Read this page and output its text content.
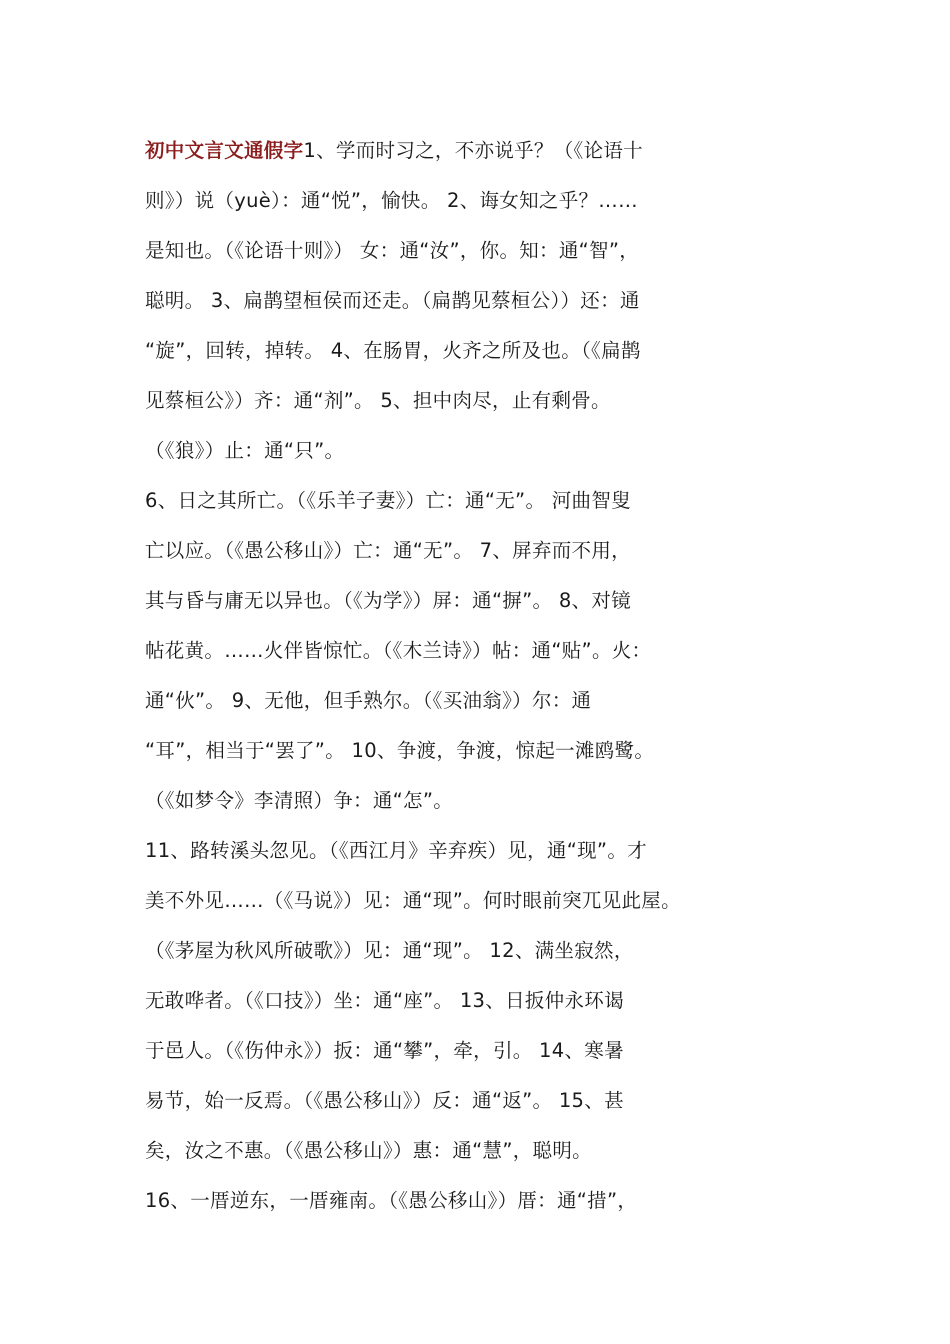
初中文言文通假字1、学而时习之，不亦说乎？（《论语十
则》）说（yuè）：通“悦”，愉快。 2、诲女知之乎？……
是知也。（《论语十则》） 女：通“汝”，你。知：通“智”，
聪明。 3、扁鹊望桓侯而还走。（扁鹊见蔡桓公））还：通
“旋”，回转，掉转。 4、在肠胃，火齐之所及也。（《扁鹊
见蔡桓公》）齐：通“剂”。 5、担中肉尽，止有剩骨。
（《狼》）止：通“只”。
6、日之其所亡。（《乐羊子妻》）亡：通“无”。 河曲智叟
亡以应。（《愚公移山》）亡：通“无”。 7、屏弃而不用，
其与昏与庸无以异也。（《为学》）屏：通“摒”。 8、对镜
帖花黄。……火伴皆惊忙。（《木兰诗》）帖：通“贴”。火：
通“伙”。 9、无他，但手熟尔。（《买油翁》）尔：通
“耳”，相当于“罢了”。 10、争渡，争渡，惊起一滩鸥鹭。
（《如梦令》李清照）争：通“怎”。
11、路转溪头忽见。（《西江月》辛弃疾）见，通“现”。才
美不外见……（《马说》）见：通“现”。何时眼前突兀见此屋。
（《茅屋为秋风所破歌》）见：通“现”。 12、满坐寂然，
无敢哗者。（《口技》）坐：通“座”。 13、日扳仲永环谒
于邑人。（《伤仲永》）扳：通“攀”，牵，引。 14、寒暑
易节，始一反焉。（《愚公移山》）反：通“返”。 15、甚
矣，汝之不惠。（《愚公移山》）惠：通“慧”，聪明。
16、一厝逆东，一厝雍南。（《愚公移山》）厝：通“措”，
